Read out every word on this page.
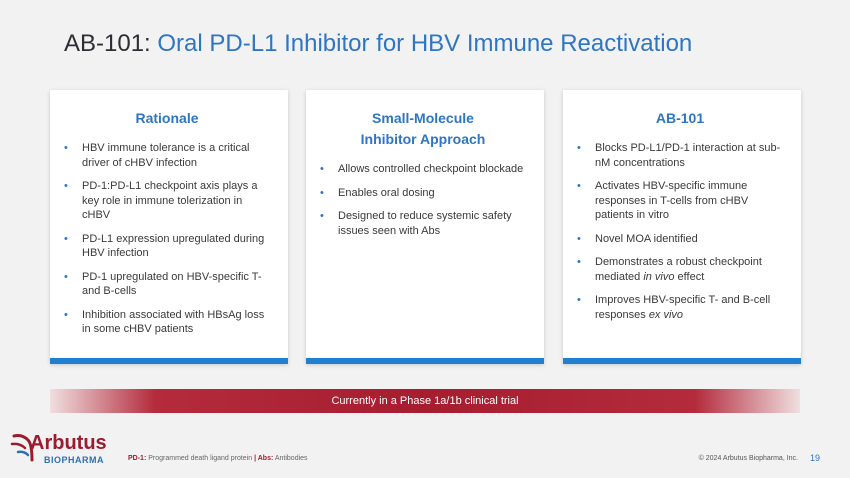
AB-101: Oral PD-L1 Inhibitor for HBV Immune Reactivation
Rationale
• HBV immune tolerance is a critical driver of cHBV infection
• PD-1:PD-L1 checkpoint axis plays a key role in immune tolerization in cHBV
• PD-L1 expression upregulated during HBV infection
• PD-1 upregulated on HBV-specific T- and B-cells
• Inhibition associated with HBsAg loss in some cHBV patients
Small-Molecule
Inhibitor Approach
• Allows controlled checkpoint blockade
• Enables oral dosing
• Designed to reduce systemic safety issues seen with Abs
AB-101
• Blocks PD-L1/PD-1 interaction at sub-nM concentrations
• Activates HBV-specific immune responses in T-cells from cHBV patients in vitro
• Novel MOA identified
• Demonstrates a robust checkpoint mediated in vivo effect
• Improves HBV-specific T- and B-cell responses ex vivo
Currently in a Phase 1a/1b clinical trial
Arbutus
BIOPHARMA	PD-1: Programmed death ligand protein | Abs: Antibodies	© 2024 Arbutus Biopharma, Inc. 19
